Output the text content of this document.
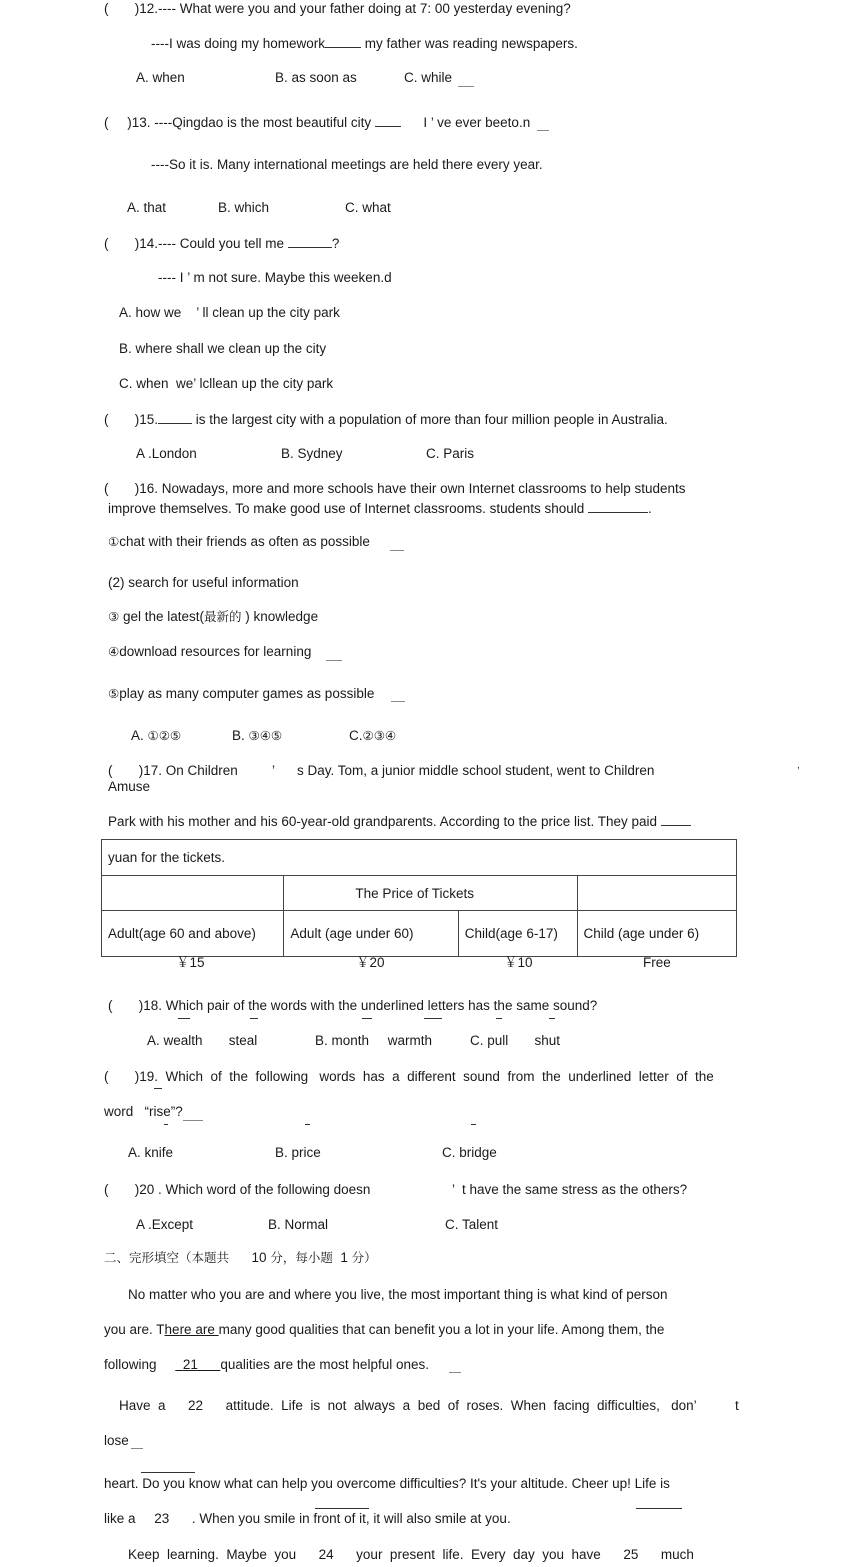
(       )12.---- What were you and your father doing at 7: 00 yesterday evening?
----I was doing my homework	my father was reading newspapers.
A. when	B. as soon as	C. while
(     )13. ----Qingdao is the most beautiful city	I ’ ve ever beeto.n
----So it is. Many international meetings are held there every year.
A. that	B. which	C. what
(       )14.---- Could you tell me	?
---- I ’ m not sure. Maybe this weeken.d
A. how we    ’ ll clean up the city park
B. where shall we clean up the city
C. when  we’ lcllean up the city park
(       )15.	is the largest city with a population of more than four million people in Australia.
A .London	B. Sydney	C. Paris
(       )16. Nowadays, more and more schools have their own Internet classrooms to help students
improve themselves. To make good use of Internet classrooms. students should	.
①chat with their friends as often as possible
(2) search for useful information
③ gel the latest(最新的 ) knowledge
④download resources for learning
⑤play as many computer games as possible
A. ①②⑤	B. ③④⑤	C.②③④
(       )17. On Children	’      s Day. Tom, a junior middle school student, went to Children	,
Amuse
Park with his mother and his 60-year-old grandparents. According to the price list. They paid
yuan for the tickets.			
	The Price of Tickets		
Adult(age 60 and above)	Adult (age under 60)	Child(age 6-17)	Child (age under 6)
￥15	￥20	￥10	Free
(       )18. Which pair of the words with the underlined letters has the same sound?
A. wealth       steal	B. month     warmth	C. pull       shut
(       )19.  Which  of  the  following   words  has  a  different  sound  from  the  underlined  letter  of  the
word   “rise”?
A. knife	B. price	C. bridge
(       )20 . Which word of the following doesn	’  t have the same stress as the others?
A .Except	B. Normal	C. Talent
二、完形填空（本题共 10 分，每小题 1 分）
No matter who you are and where you live, the most important thing is what kind of person
you are. There are many good qualities that can benefit you a lot in your life. Among them, the
following 21 qualities are the most helpful ones.
Have  a 22 attitude.  Life  is  not  always  a  bed  of  roses.  When  facing  difficulties,   don’	t
lose
heart. Do you know what can help you overcome difficulties? It's your altitude. Cheer up! Life is
like a 23 . When you smile in front of it, it will also smile at you.
Keep  learning.  Maybe  you 24 your  present  life.  Every  day  you  have 25 much
